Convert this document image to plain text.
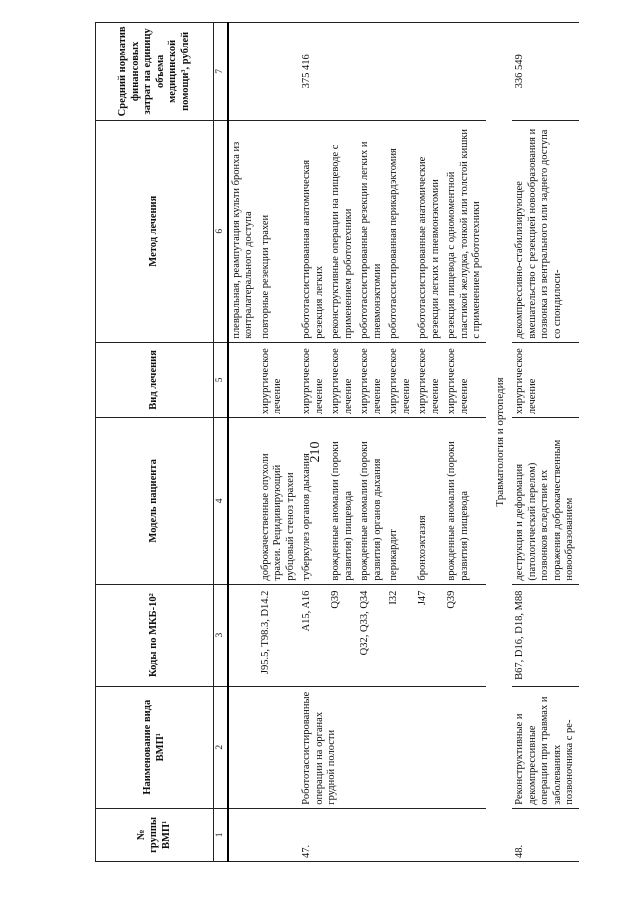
210
№ группы ВМП¹	Наименование вида ВМП¹	Коды по МКБ-10²	Модель пациента	Вид лечения	Метод лечения	Средний норматив финансовых затрат на единицу объема медицинской помощи³, рублей
1	2	3	4	5	6	7
					плевральная, реампутация культи бронха из контралатерального доступа	
		J95.5, T98.3, D14.2	доброкачественные опухоли трахеи. Рецидивирующий рубцовый стеноз трахеи	хирургическое лечение	повторные резекции трахеи	
47.	Робототассистированные операции на органах грудной полости	A15, A16	туберкулез органов дыхания	хирургическое лечение	робототассистированная анатомическая резекция легких	375 416
		Q39	врожденные аномалии (пороки развития) пищевода	хирургическое лечение	реконструктивные операции на пищеводе с применением робототехники	
		Q32, Q33, Q34	врожденные аномалии (пороки развития) органов дыхания	хирургическое лечение	робототассистированные резекции легких и пневмонэктомии	
		I32	перикардит	хирургическое лечение	робототассистированная перикардэктомия	
		J47	бронхоэктазия	хирургическое лечение	робототассистированные анатомические резекции легких и пневмонэктомии	
		Q39	врожденные аномалии (пороки развития) пищевода	хирургическое лечение	резекция пищевода с одномоментной пластикой желудка, тонкой или толстой кишки с применением робототехники	
Травматология и ортопедия						
48.	Реконструктивные и декомпрессивные операции при травмах и заболеваниях позвоночника с ре-	B67, D16, D18, M88	деструкция и деформация (патологический перелом) позвонков вследствие их поражения доброкачественным новообразованием	хирургическое лечение	декомпрессивно-стабилизирующее вмешательство с резекцией новообразования и позвонка из вентрального или заднего доступа со спондилоси-	336 549
